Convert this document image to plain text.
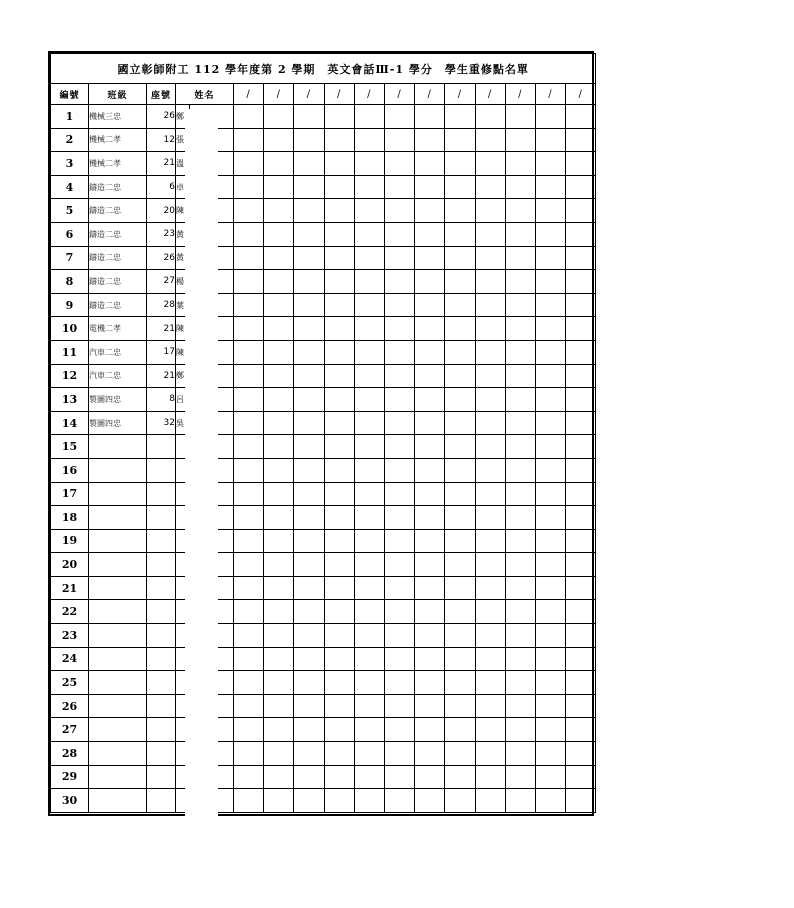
國立彰師附工 112 學年度第 2 學期　英文會話Ⅲ-1 學分　學生重修點名單																
編號	班級	座號	姓名		/	/	/	/	/	/	/	/	/	/	/	/
1	機械三忠	26	鄭													
2	機械二孝	12	張													
3	機械二孝	21	溫													
4	鑄造二忠	6	卓													
5	鑄造二忠	20	陳													
6	鑄造二忠	23	黃													
7	鑄造二忠	26	黃													
8	鑄造二忠	27	楊													
9	鑄造二忠	28	葉													
10	電機二孝	21	陳													
11	汽車二忠	17	陳													
12	汽車二忠	21	鄭													
13	製圖四忠	8	呂													
14	製圖四忠	32	吳													
15																
16																
17																
18																
19																
20																
21																
22																
23																
24																
25																
26																
27																
28																
29																
30																
